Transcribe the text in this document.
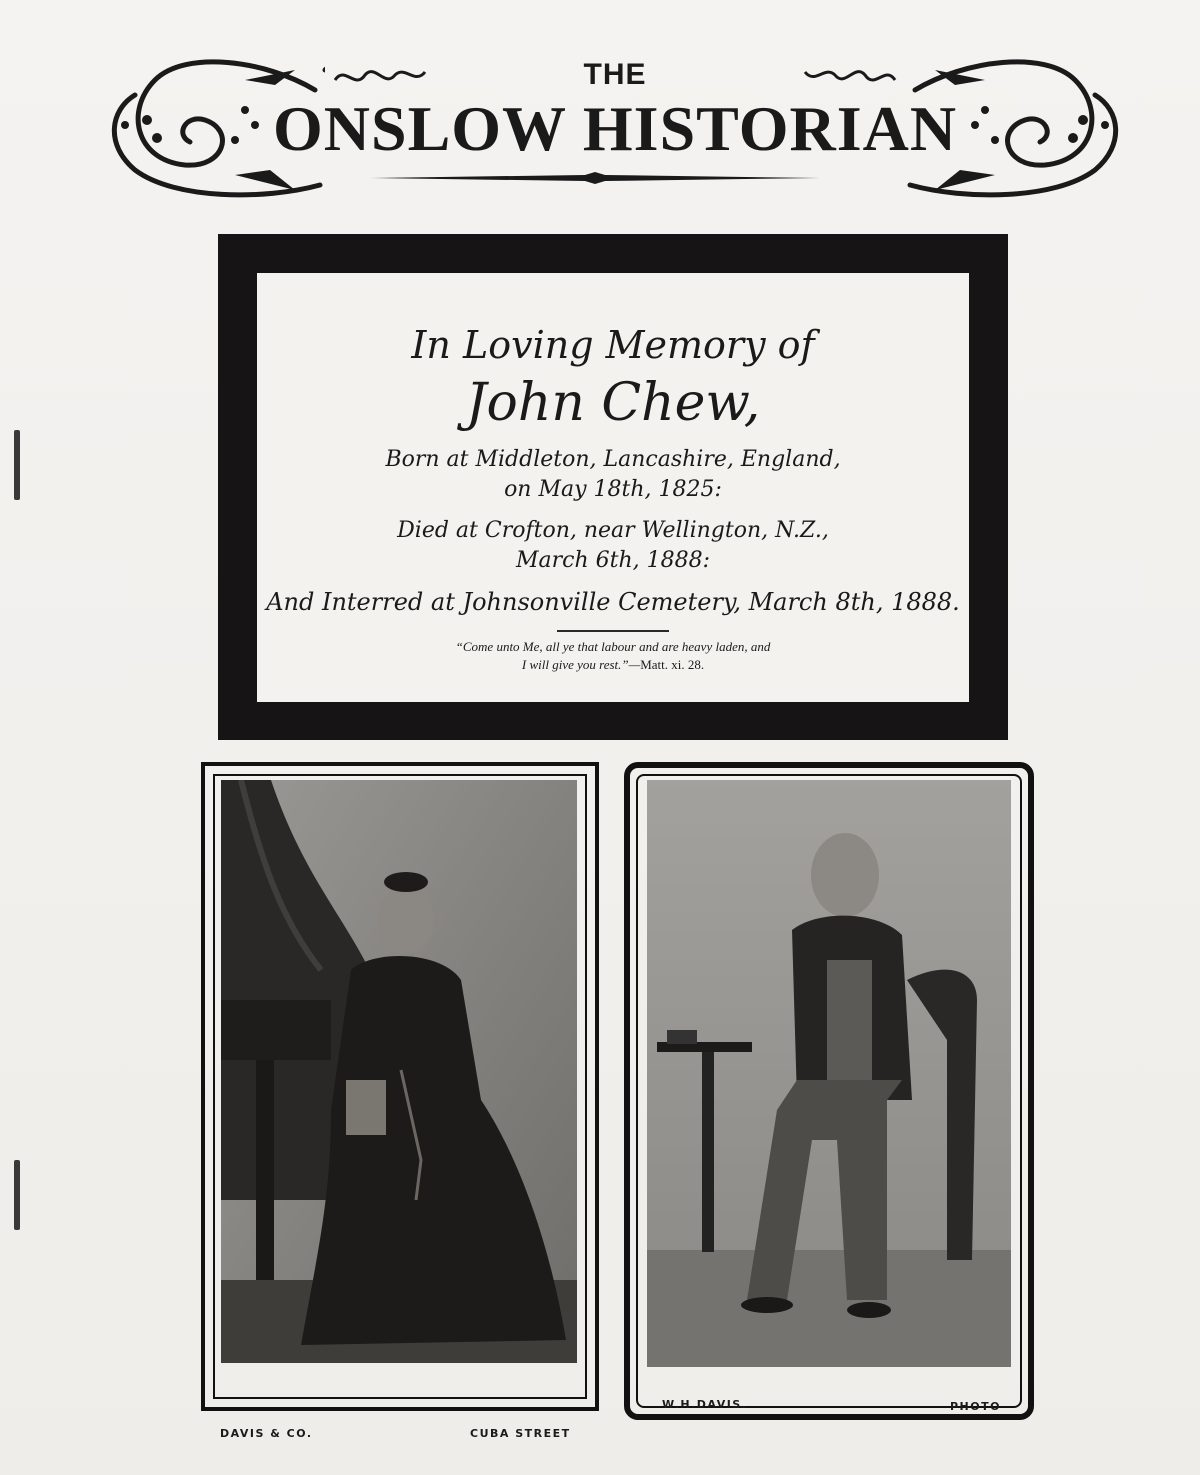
THE
ONSLOW HISTORIAN
In Loving Memory of
John Chew,
Born at Middleton, Lancashire, England,
on May 18th, 1825:
Died at Crofton, near Wellington, N.Z.,
March 6th, 1888:
And Interred at Johnsonville Cemetery, March 8th, 1888.
“Come unto Me, all ye that labour and are heavy laden, and
I will give you rest.”—Matt. xi. 28.
DAVIS & CO.	CUBA STREET
W.H.DAVIS.	PHOTO
